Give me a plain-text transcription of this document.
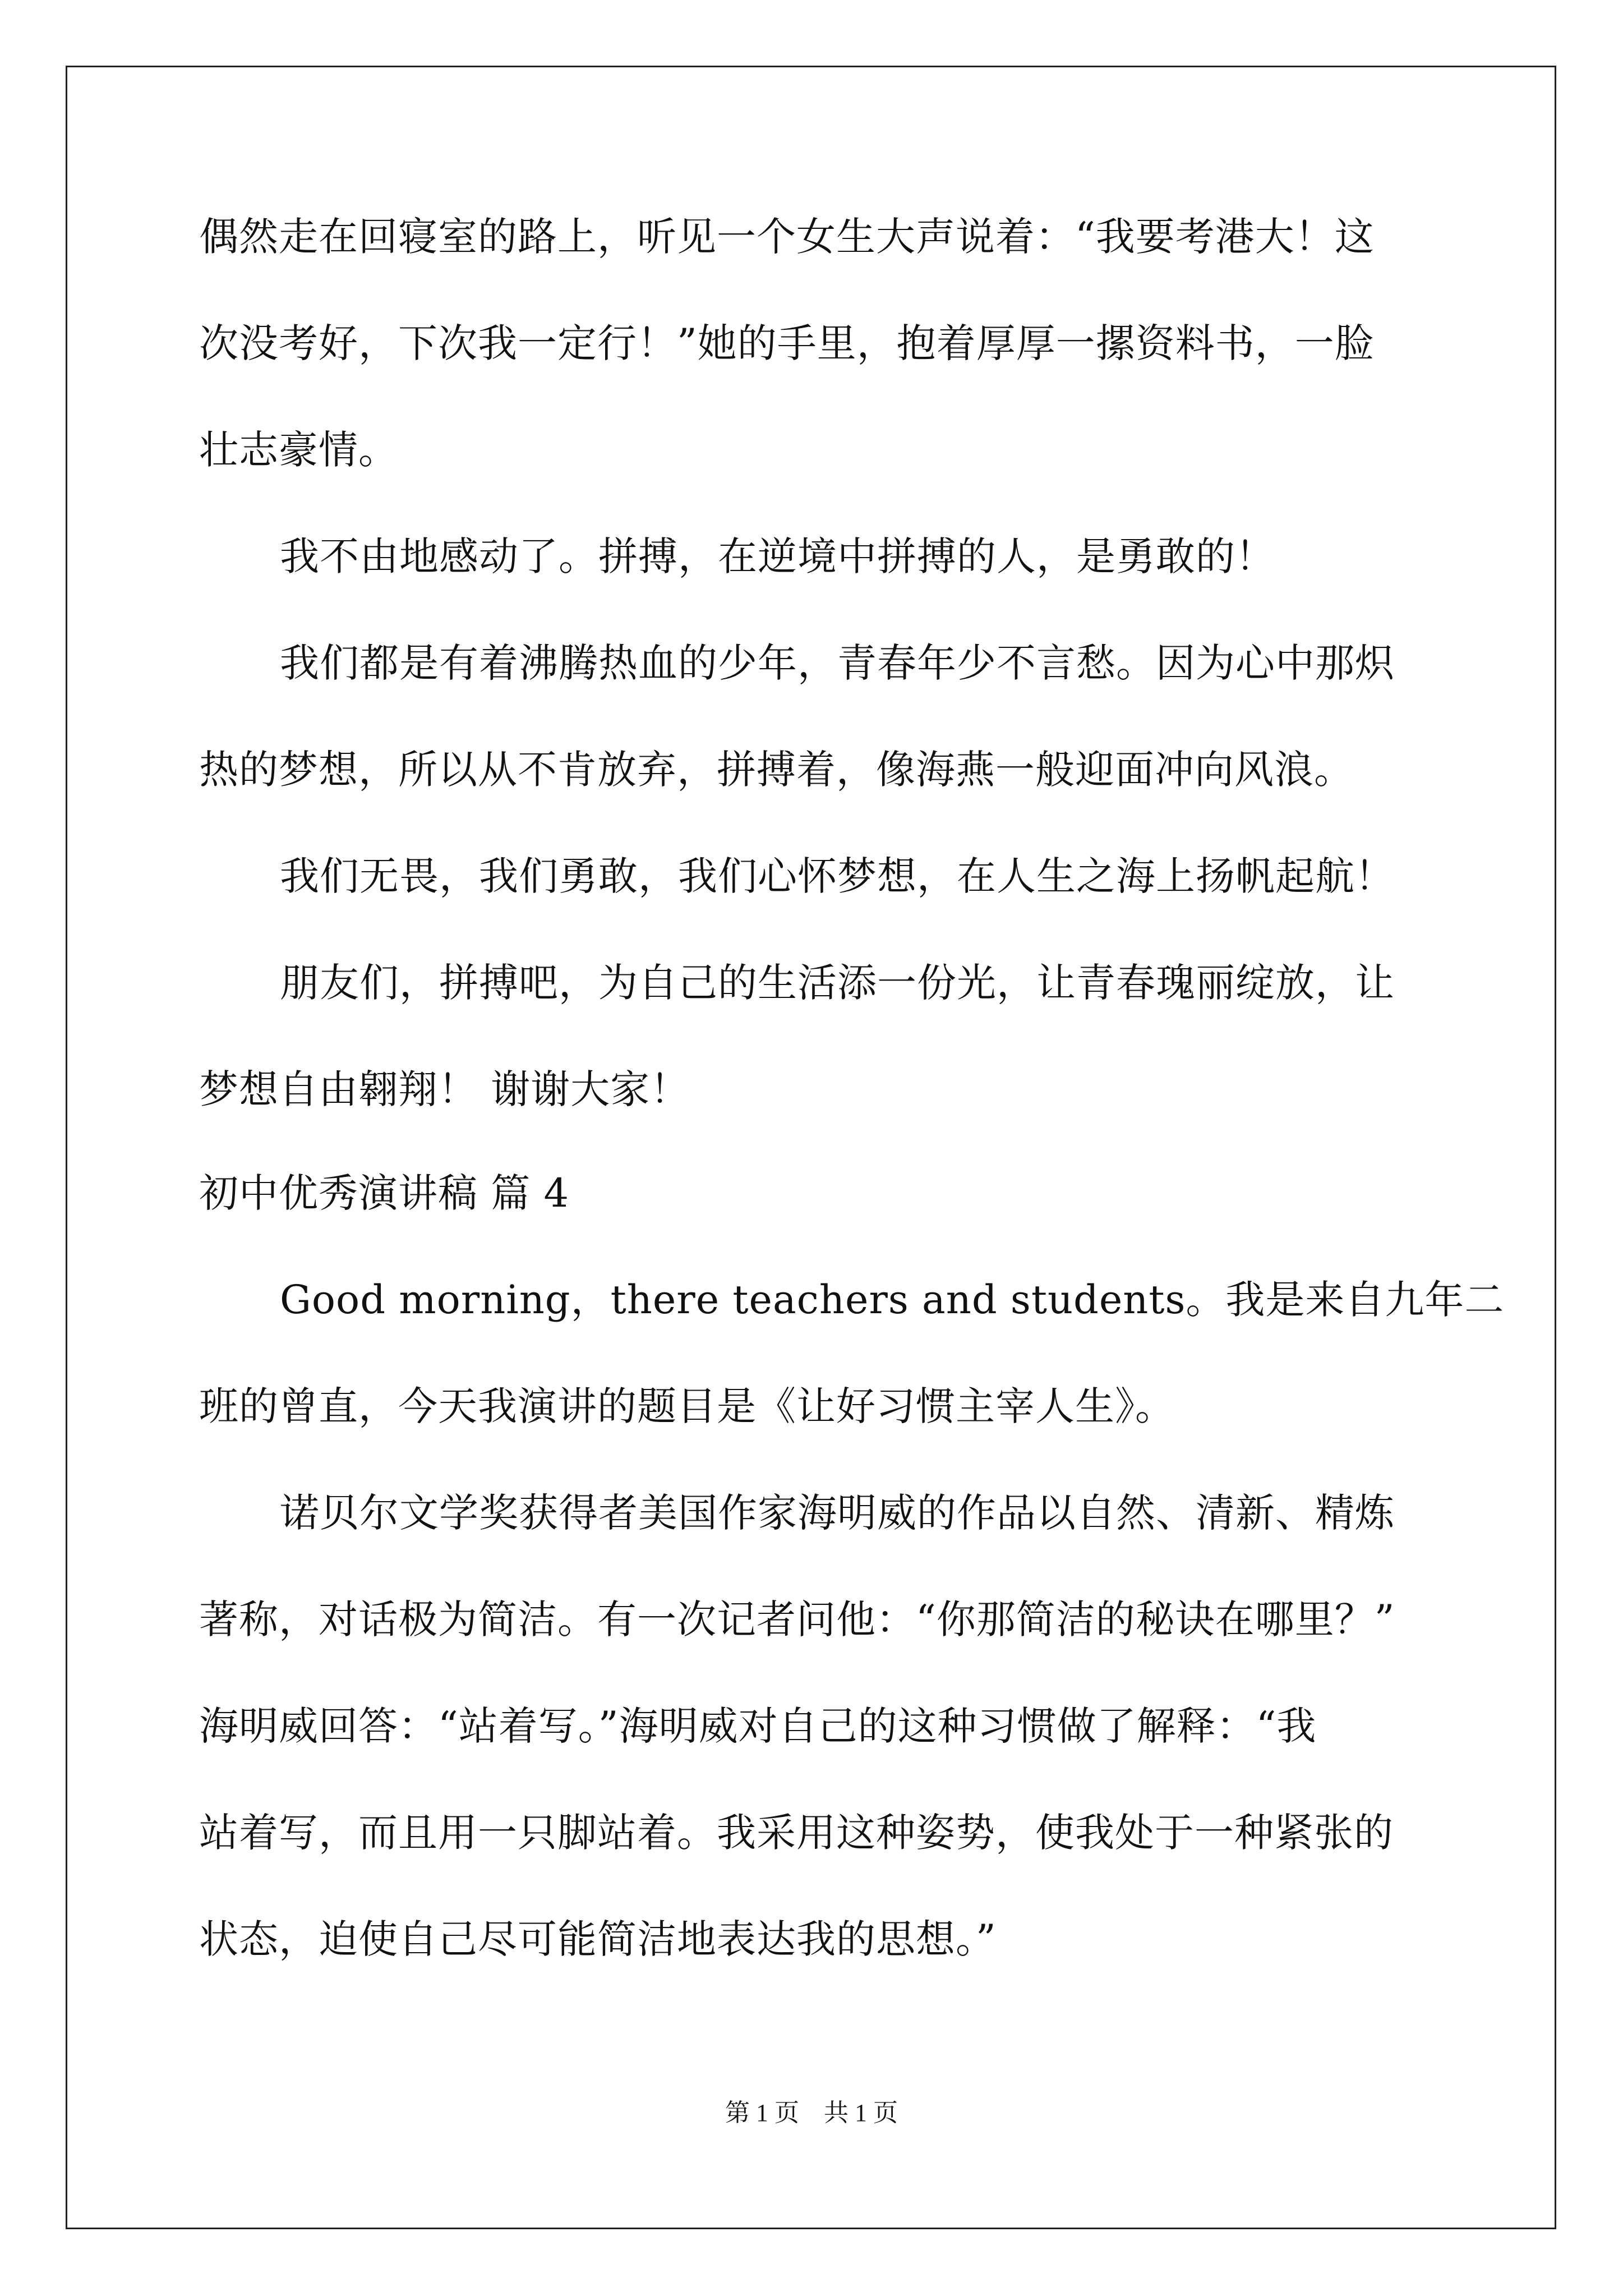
偶然走在回寝室的路上，听见一个女生大声说着：“我要考港大！这
次没考好，下次我一定行！”她的手里，抱着厚厚一摞资料书，一脸
壮志豪情。
我不由地感动了。拼搏，在逆境中拼搏的人，是勇敢的！
我们都是有着沸腾热血的少年，青春年少不言愁。因为心中那炽
热的梦想，所以从不肯放弃，拼搏着，像海燕一般迎面冲向风浪。
我们无畏，我们勇敢，我们心怀梦想，在人生之海上扬帆起航！
朋友们，拼搏吧，为自己的生活添一份光，让青春瑰丽绽放，让
梦想自由翱翔！ 谢谢大家！
初中优秀演讲稿 篇 4
Good morning，there teachers and students。我是来自九年二
班的曾直，今天我演讲的题目是《让好习惯主宰人生》。
诺贝尔文学奖获得者美国作家海明威的作品以自然、清新、精炼
著称，对话极为简洁。有一次记者问他：“你那简洁的秘诀在哪里？”
海明威回答：“站着写。”海明威对自己的这种习惯做了解释：“我
站着写，而且用一只脚站着。我采用这种姿势，使我处于一种紧张的
状态，迫使自己尽可能简洁地表达我的思想。”
第 1 页　共 1 页
